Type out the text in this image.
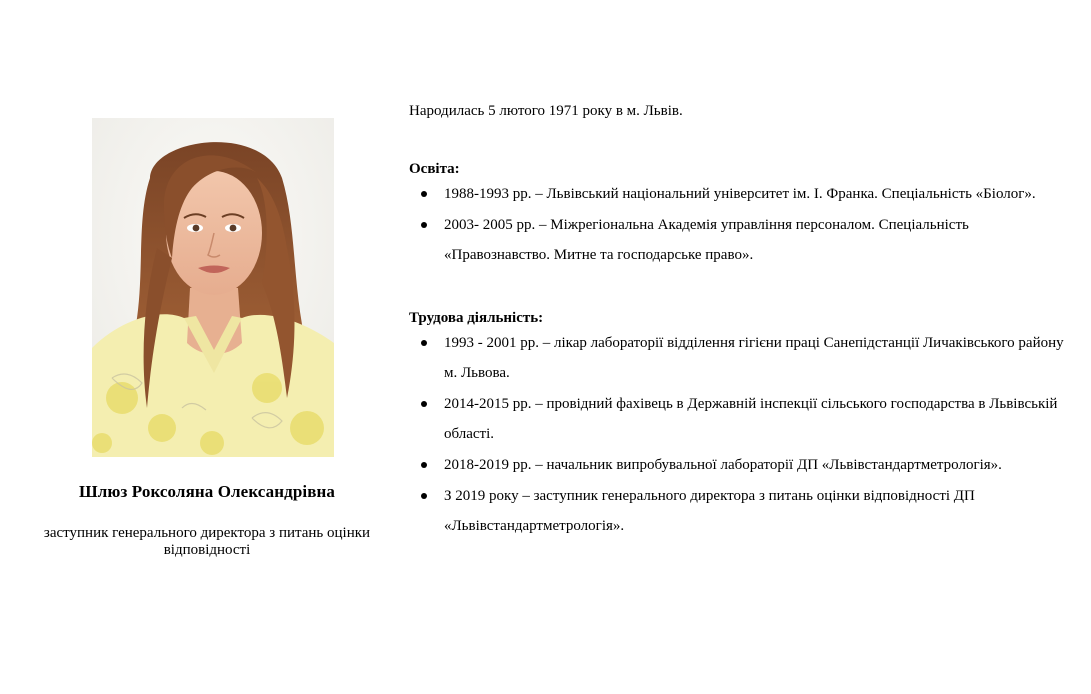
Шлюз Роксоляна Олександрівна
заступник генерального директора з питань оцінки відповідності

Народилась 5 лютого 1971 року в м. Львів.

Освіта:

1988-1993 рр. – Львівський національний університет ім. І. Франка. Спеціальність «Біолог».
2003- 2005 рр. – Міжрегіональна Академія управління персоналом. Спеціальність «Правознавство. Митне та господарське право».

Трудова діяльність:

1993 - 2001 рр. – лікар лабораторії відділення гігієни праці Санепідстанції Личаківського району м. Львова.
2014-2015 рр. – провідний фахівець в Державній інспекції сільського господарства в Львівській області.
2018-2019 рр. – начальник випробувальної лабораторії ДП «Львівстандартметрологія».
З 2019 року – заступник генерального директора з питань оцінки відповідності ДП «Львівстандартметрологія».
